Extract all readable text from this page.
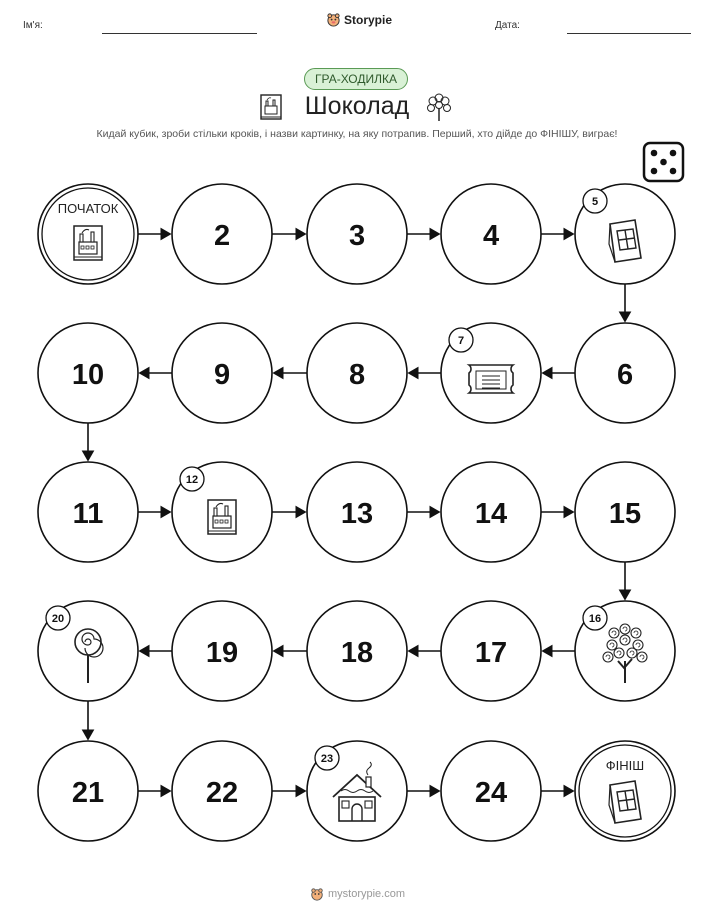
Ім'я:	Storypie	Дата:
ГРА-ХОДИЛКА
Шоколад
Кидай кубик, зроби стільки кроків, і назви картинку, на яку потрапив. Перший, хто дійде до ФІНІШУ, виграє!
ПОЧАТОК
2	3	4
5
6
7
8
9
10
11
12
13	14	15
16
17
18
19
20
21	22
23
24
ФІНІШ
mystorypie.com
